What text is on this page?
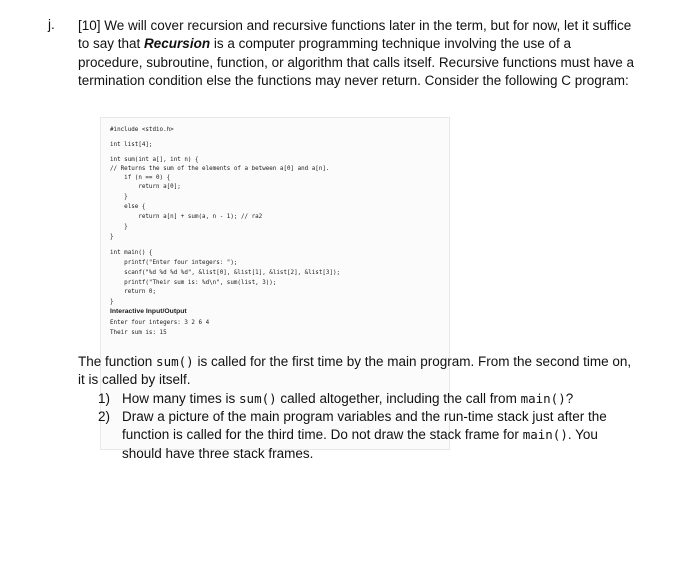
j. [10] We will cover recursion and recursive functions later in the term, but for now, let it suffice to say that Recursion is a computer programming technique involving the use of a procedure, subroutine, function, or algorithm that calls itself. Recursive functions must have a termination condition else the functions may never return. Consider the following C program:

#include <stdio.h>

int list[4];

int sum(int a[], int n) {

// Returns the sum of the elements of a between a[0] and a[n].

if (n == 0) {

return a[0];

}

else {

return a[n] + sum(a, n - 1); // ra2

}

}

int main() {

printf("Enter four integers: ");

scanf("%d %d %d %d", &list[0], &list[1], &list[2], &list[3]);

printf("Their sum is: %d\n", sum(list, 3));

return 0;

}

Interactive Input/Output

Enter four integers: 3 2 6 4

Their sum is: 15

The function sum() is called for the first time by the main program. From the second time on, it is called by itself.
1) How many times is sum() called altogether, including the call from main()?
2) Draw a picture of the main program variables and the run-time stack just after the function is called for the third time. Do not draw the stack frame for main(). You should have three stack frames.
